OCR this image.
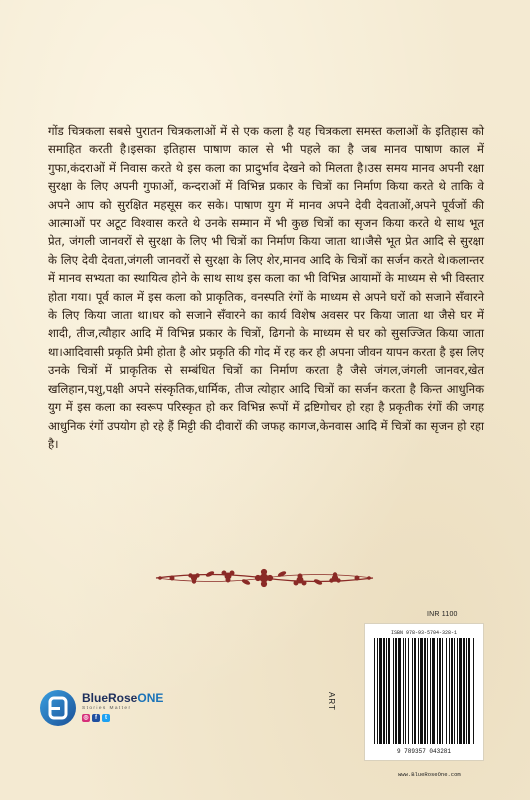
गोंड चित्रकला सबसे पुरातन चित्रकलाओं में से एक कला है यह चित्रकला समस्त कलाओं के इतिहास को समाहित करती है।इसका इतिहास पाषाण काल से भी पहले का है जब मानव पाषाण काल में गुफा,कंदराओं में निवास करते थे इस कला का प्रादुर्भाव देखने को मिलता है।उस समय मानव अपनी रक्षा सुरक्षा के लिए अपनी गुफाओं, कन्दराओं में विभिन्न प्रकार के चित्रों का निर्माण किया करते थे ताकि वे अपने आप को सुरक्षित महसूस कर सके। पाषाण युग में मानव अपने देवी देवताओं,अपने पूर्वजों की आत्माओं पर अटूट विश्वास करते थे उनके सम्मान में भी कुछ चित्रों का सृजन किया करते थे साथ भूत प्रेत, जंगली जानवरों से सुरक्षा के लिए भी चित्रों का निर्माण किया जाता था।जैसे भूत प्रेत आदि से सुरक्षा के लिए देवी देवता,जंगली जानवरों से सुरक्षा के लिए शेर,मानव आदि के चित्रों का सर्जन करते थे।कलान्तर में मानव सभ्यता का स्थायित्व होने के साथ साथ इस कला का भी विभिन्न आयामों के माध्यम से भी विस्तार होता गया। पूर्व काल में इस कला को प्राकृतिक, वनस्पति रंगों के माध्यम से अपने घरों को सजाने सँवारने के लिए किया जाता था।घर को सजाने सँवारने का कार्य विशेष अवसर पर किया जाता था जैसे घर में शादी, तीज,त्यौहार आदि में विभिन्न प्रकार के चित्रों, ढिगनो के माध्यम से घर को सुसज्जित किया जाता था।आदिवासी प्रकृति प्रेमी होता है ओर प्रकृति की गोद में रह कर ही अपना जीवन यापन करता है इस लिए उनके चित्रों में प्राकृतिक से सम्बंधित चित्रों का निर्माण करता है जैसे जंगल,जंगली जानवर,खेत खलिहान,पशु,पक्षी अपने संस्कृतिक,धार्मिक, तीज त्योहार आदि चित्रों का सर्जन करता है किन्त आधुनिक युग में इस कला का स्वरूप परिस्कृत हो कर विभिन्न रूपों में द्रष्टिगोचर हो रहा है प्रकृतीक रंगों की जगह आधुनिक रंगों उपयोग हो रहे हैं मिट्टी की दीवारों की जफह कागज,केनवास आदि में चित्रों का सृजन हो रहा है।

INR 1100
ART
ISBN 978-93-5704-328-1
9 789357 043281
www.BlueRoseOne.com
BlueRoseONE
Stories Matter
◎	f	t
